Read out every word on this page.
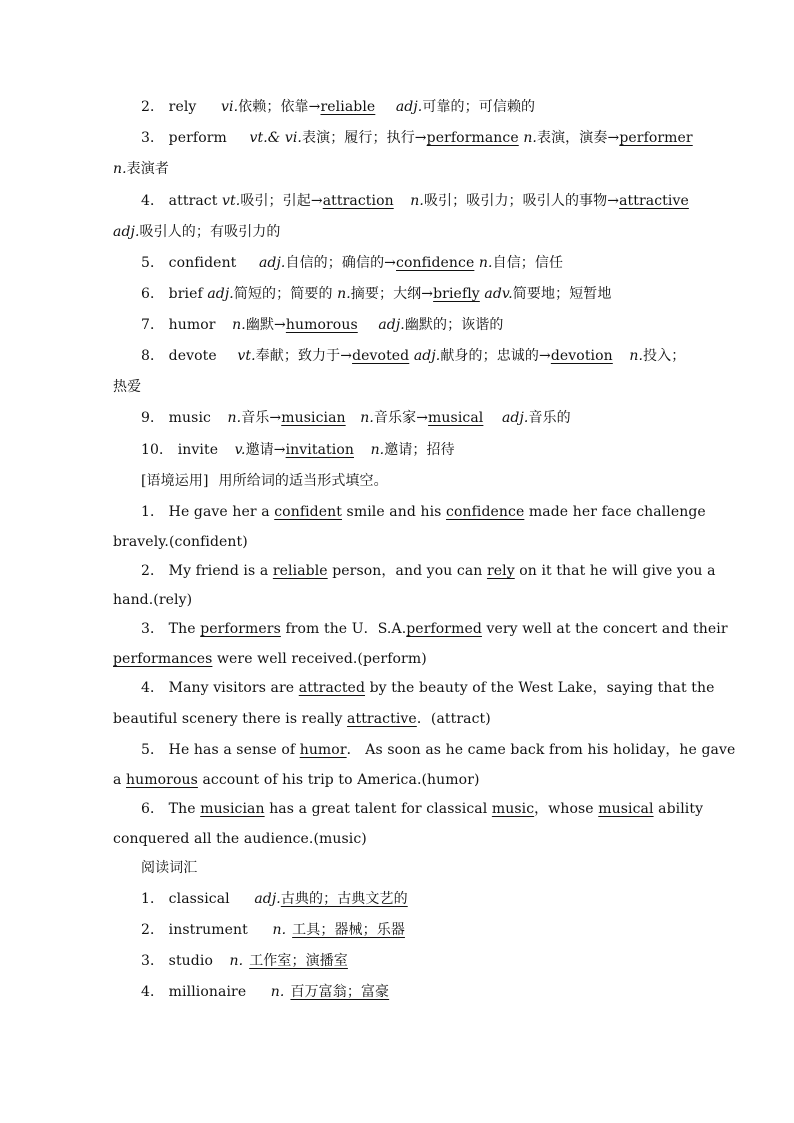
2． rely vi.依赖；依靠→reliable adj.可靠的；可信赖的
3． perform vt.& vi.表演；履行；执行→performance n.表演，演奏→performer
n.表演者
4． attract vt.吸引；引起→attraction n.吸引；吸引力；吸引人的事物→attractive
adj.吸引人的；有吸引力的
5． confident adj.自信的；确信的→confidence n.自信；信任
6． brief adj.简短的；简要的 n.摘要；大纲→briefly adv.简要地；短暂地
7． humor n.幽默→humorous adj.幽默的；诙谐的
8． devote vt.奉献；致力于→devoted adj.献身的；忠诚的→devotion n.投入；
热爱
9． music n.音乐→musician n.音乐家→musical adj.音乐的
10． invite v.邀请→invitation n.邀请；招待
[语境运用] 用所给词的适当形式填空。
1． He gave her a confident smile and his confidence made her face challenge
bravely.(confident)
2． My friend is a reliable person，and you can rely on it that he will give you a
hand.(rely)
3． The performers from the U．S.A.performed very well at the concert and their
performances were well received.(perform)
4． Many visitors are attracted by the beauty of the West Lake，saying that the
beautiful scenery there is really attractive．(attract)
5． He has a sense of humor． As soon as he came back from his holiday，he gave
a humorous account of his trip to America.(humor)
6． The musician has a great talent for classical music，whose musical ability
conquered all the audience.(music)
阅读词汇
1． classical adj.古典的；古典文艺的
2． instrument n. 工具；器械；乐器
3． studio n. 工作室；演播室
4． millionaire n. 百万富翁；富豪
